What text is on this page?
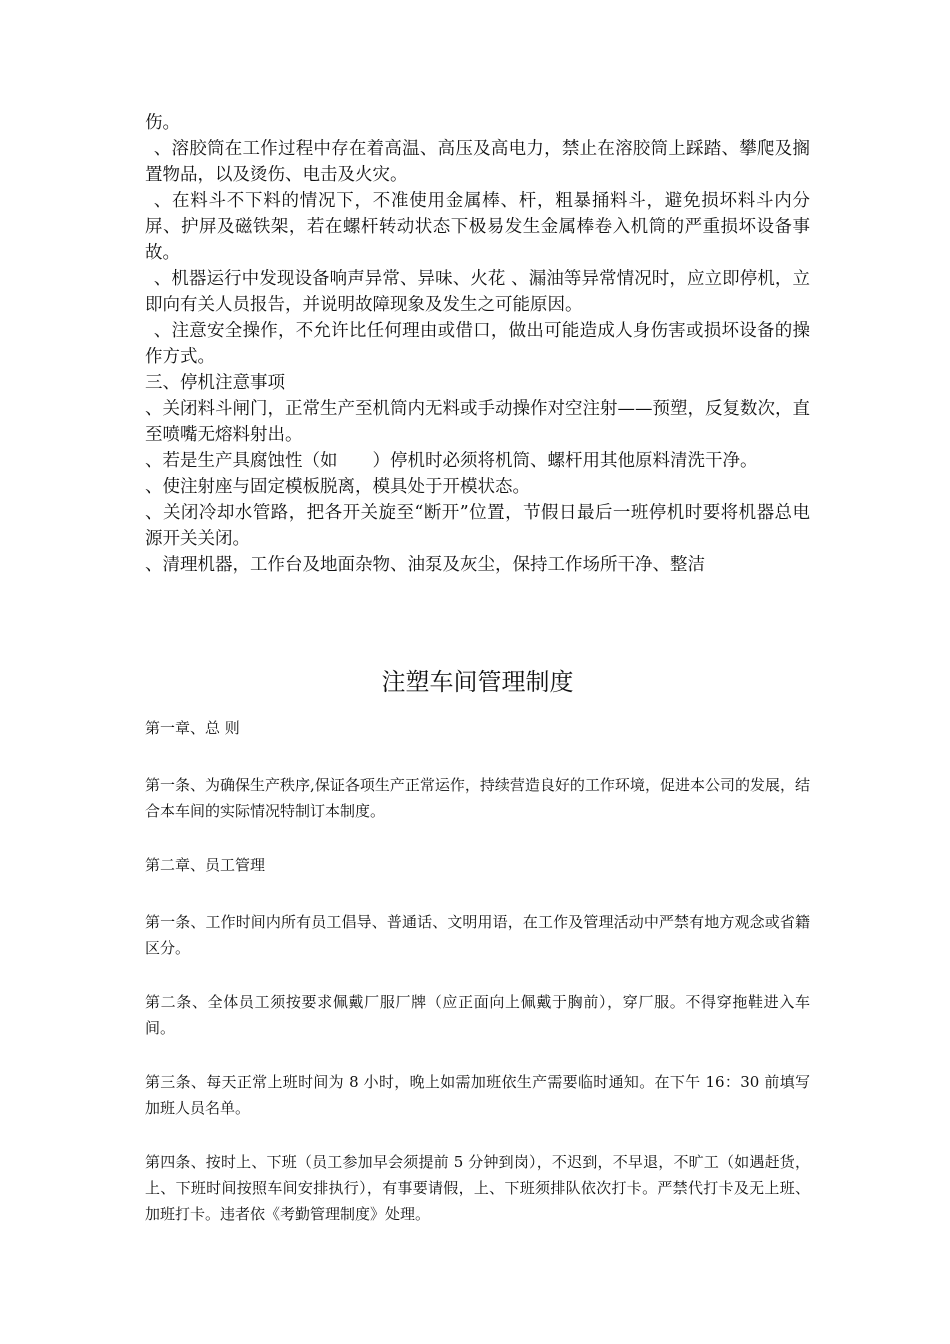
伤。

、溶胶筒在工作过程中存在着高温、高压及高电力，禁止在溶胶筒上踩踏、攀爬及搁置物品，以及烫伤、电击及火灾。

、在料斗不下料的情况下，不准使用金属棒、杆，粗暴捅料斗，避免损坏料斗内分屏、护屏及磁铁架，若在螺杆转动状态下极易发生金属棒卷入机筒的严重损坏设备事故。

、机器运行中发现设备响声异常、异味、火花 、漏油等异常情况时，应立即停机，立即向有关人员报告，并说明故障现象及发生之可能原因。

、注意安全操作，不允许比任何理由或借口，做出可能造成人身伤害或损坏设备的操作方式。

三、停机注意事项

、关闭料斗闸门，正常生产至机筒内无料或手动操作对空注射——预塑，反复数次，直至喷嘴无熔料射出。

、若是生产具腐蚀性（如　　）停机时必须将机筒、螺杆用其他原料清洗干净。

、使注射座与固定模板脱离，模具处于开模状态。

、关闭冷却水管路，把各开关旋至“断开”位置，节假日最后一班停机时要将机器总电源开关关闭。

、清理机器，工作台及地面杂物、油泵及灰尘，保持工作场所干净、整洁

注塑车间管理制度

第一章、总 则

第一条、为确保生产秩序,保证各项生产正常运作，持续营造良好的工作环境，促进本公司的发展，结合本车间的实际情况特制订本制度。

第二章、员工管理

第一条、工作时间内所有员工倡导、普通话、文明用语，在工作及管理活动中严禁有地方观念或省籍区分。

第二条、全体员工须按要求佩戴厂服厂牌（应正面向上佩戴于胸前），穿厂服。不得穿拖鞋进入车间。

第三条、每天正常上班时间为 8 小时，晚上如需加班依生产需要临时通知。在下午 16：30 前填写加班人员名单。

第四条、按时上、下班（员工参加早会须提前 5 分钟到岗），不迟到，不早退，不旷工（如遇赶货，上、下班时间按照车间安排执行），有事要请假，上、下班须排队依次打卡。严禁代打卡及无上班、加班打卡。违者依《考勤管理制度》处理。
